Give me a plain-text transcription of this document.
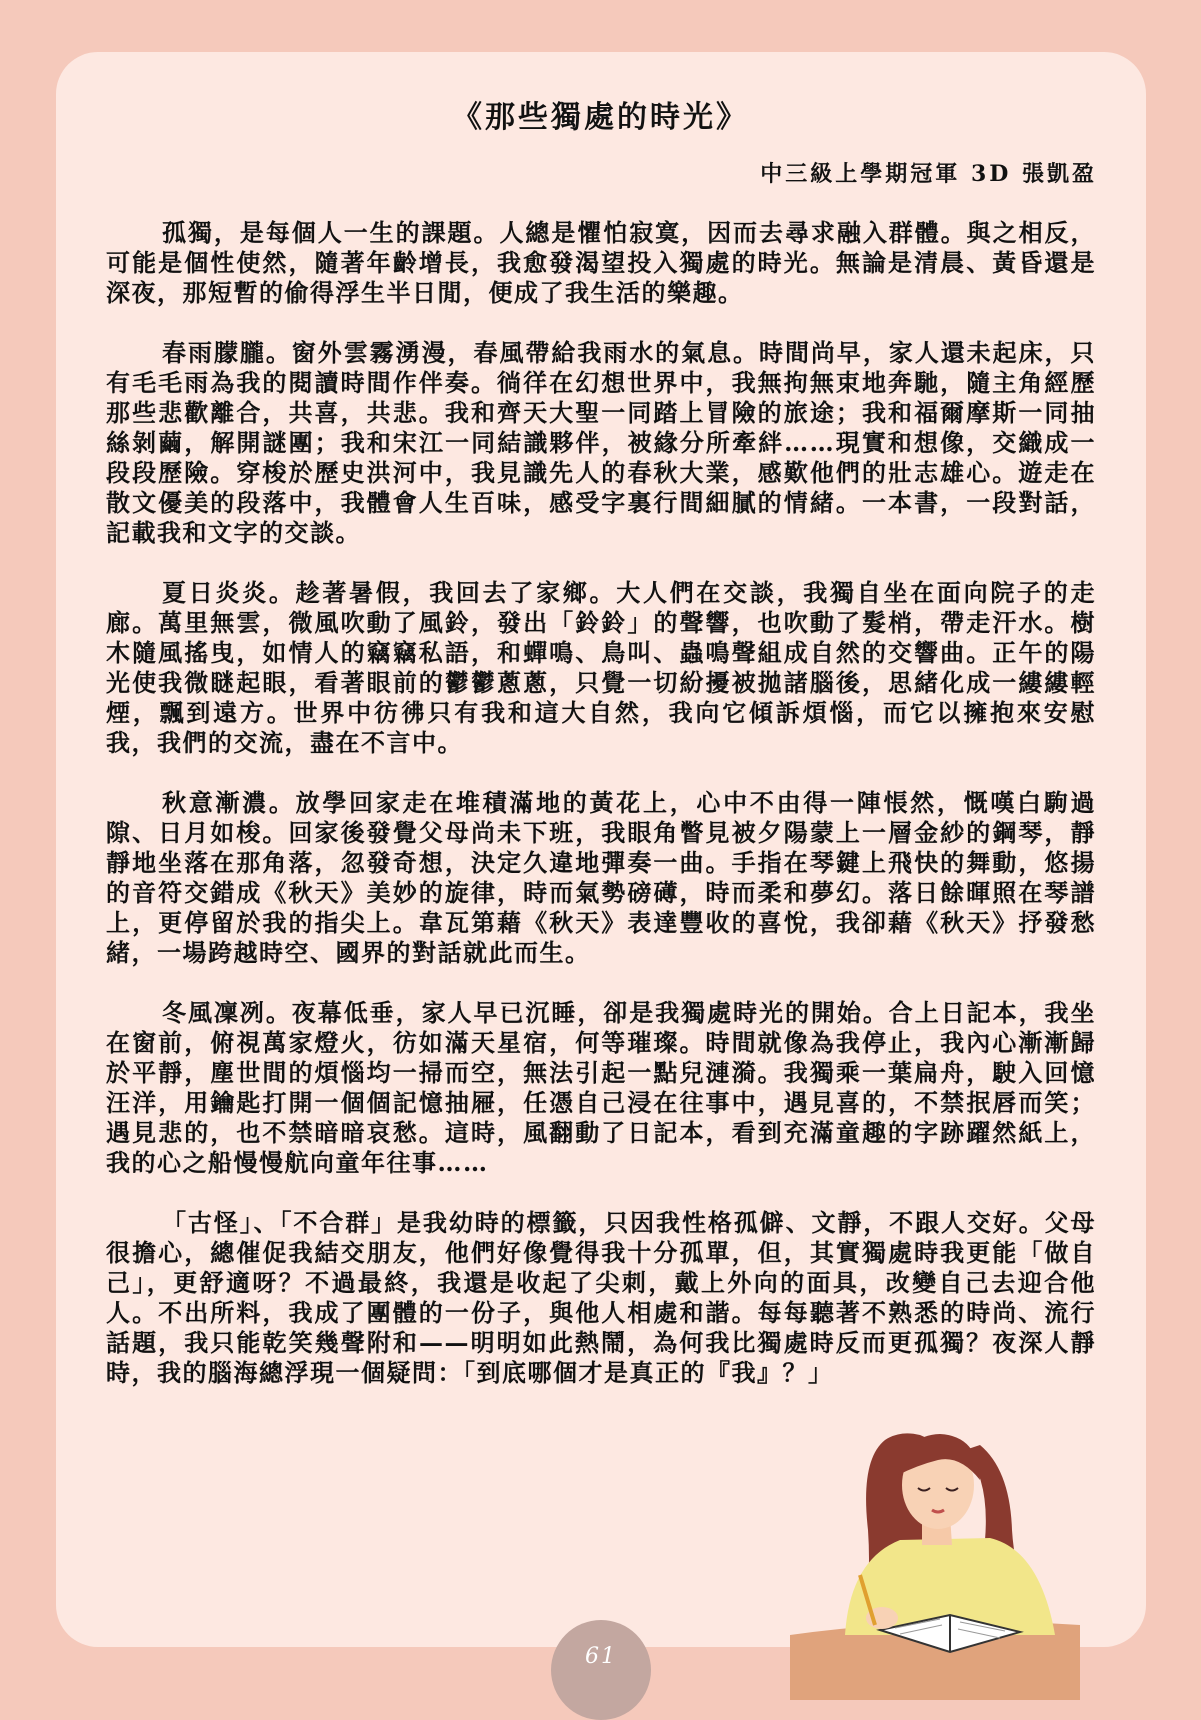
《那些獨處的時光》
中三級上學期冠軍 3D 張凱盈

孤獨，是每個人一生的課題。人總是懼怕寂寞，因而去尋求融入群體。與之相反，可能是個性使然，隨著年齡增長，我愈發渴望投入獨處的時光。無論是清晨、黃昏還是深夜，那短暫的偷得浮生半日閒，便成了我生活的樂趣。

春雨朦朧。窗外雲霧湧漫，春風帶給我雨水的氣息。時間尚早，家人還未起床，只有毛毛雨為我的閱讀時間作伴奏。徜徉在幻想世界中，我無拘無束地奔馳，隨主角經歷那些悲歡離合，共喜，共悲。我和齊天大聖一同踏上冒險的旅途；我和福爾摩斯一同抽絲剝繭，解開謎團；我和宋江一同結識夥伴，被緣分所牽絆……現實和想像，交織成一段段歷險。穿梭於歷史洪河中，我見識先人的春秋大業，感歎他們的壯志雄心。遊走在散文優美的段落中，我體會人生百味，感受字裏行間細膩的情緒。一本書，一段對話，記載我和文字的交談。

夏日炎炎。趁著暑假，我回去了家鄉。大人們在交談，我獨自坐在面向院子的走廊。萬里無雲，微風吹動了風鈴，發出「鈴鈴」的聲響，也吹動了髮梢，帶走汗水。樹木隨風搖曳，如情人的竊竊私語，和蟬鳴、鳥叫、蟲鳴聲組成自然的交響曲。正午的陽光使我微瞇起眼，看著眼前的鬱鬱蔥蔥，只覺一切紛擾被拋諸腦後，思緒化成一縷縷輕煙，飄到遠方。世界中彷彿只有我和這大自然，我向它傾訴煩惱，而它以擁抱來安慰我，我們的交流，盡在不言中。

秋意漸濃。放學回家走在堆積滿地的黃花上，心中不由得一陣悵然，慨嘆白駒過隙、日月如梭。回家後發覺父母尚未下班，我眼角瞥見被夕陽蒙上一層金紗的鋼琴，靜靜地坐落在那角落，忽發奇想，決定久違地彈奏一曲。手指在琴鍵上飛快的舞動，悠揚的音符交錯成《秋天》美妙的旋律，時而氣勢磅礡，時而柔和夢幻。落日餘暉照在琴譜上，更停留於我的指尖上。韋瓦第藉《秋天》表達豐收的喜悅，我卻藉《秋天》抒發愁緒，一場跨越時空、國界的對話就此而生。

冬風凜冽。夜幕低垂，家人早已沉睡，卻是我獨處時光的開始。合上日記本，我坐在窗前，俯視萬家燈火，彷如滿天星宿，何等璀璨。時間就像為我停止，我內心漸漸歸於平靜，塵世間的煩惱均一掃而空，無法引起一點兒漣漪。我獨乘一葉扁舟，駛入回憶汪洋，用鑰匙打開一個個記憶抽屜，任憑自己浸在往事中，遇見喜的，不禁抿唇而笑；遇見悲的，也不禁暗暗哀愁。這時，風翻動了日記本，看到充滿童趣的字跡躍然紙上，我的心之船慢慢航向童年往事……

「古怪」、「不合群」是我幼時的標籤，只因我性格孤僻、文靜，不跟人交好。父母很擔心，總催促我結交朋友，他們好像覺得我十分孤單，但，其實獨處時我更能「做自己」，更舒適呀？不過最終，我還是收起了尖刺，戴上外向的面具，改變自己去迎合他人。不出所料，我成了團體的一份子，與他人相處和諧。每每聽著不熟悉的時尚、流行話題，我只能乾笑幾聲附和——明明如此熱鬧，為何我比獨處時反而更孤獨？夜深人靜時，我的腦海總浮現一個疑問：「到底哪個才是真正的『我』？」

61
